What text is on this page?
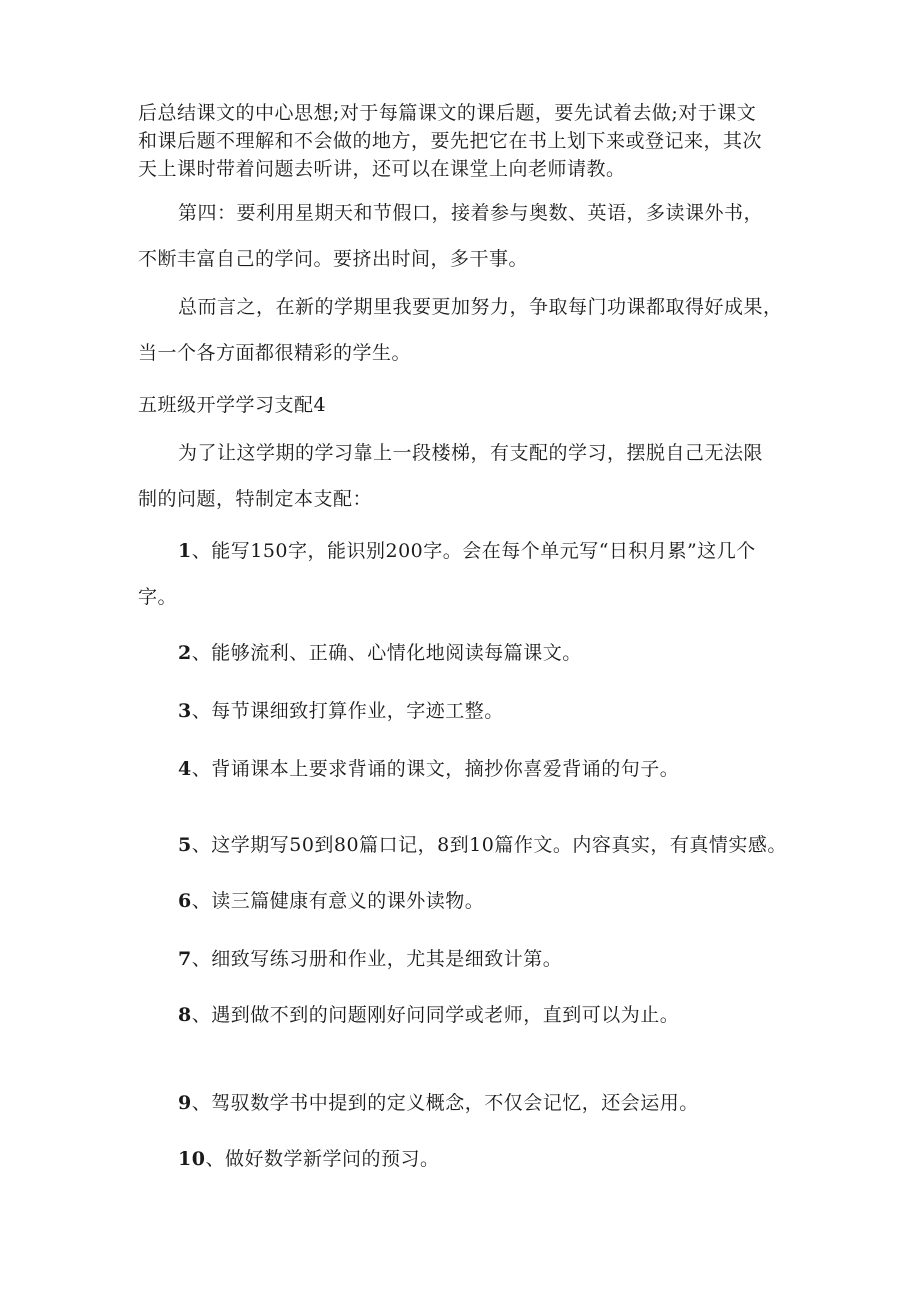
后总结课文的中心思想;对于每篇课文的课后题，要先试着去做;对于课文
和课后题不理解和不会做的地方，要先把它在书上划下来或登记来，其次
天上课时带着问题去听讲，还可以在课堂上向老师请教。
第四：要利用星期天和节假口，接着参与奥数、英语，多读课外书，
不断丰富自己的学问。要挤出时间，多干事。
总而言之，在新的学期里我要更加努力，争取每门功课都取得好成果，
当一个各方面都很精彩的学生。
五班级开学学习支配4
为了让这学期的学习靠上一段楼梯，有支配的学习，摆脱自己无法限
制的问题，特制定本支配：
1、能写150字，能识别200字。会在每个单元写“日积月累”这几个
字。
2、能够流利、正确、心情化地阅读每篇课文。
3、每节课细致打算作业，字迹工整。
4、背诵课本上要求背诵的课文，摘抄你喜爱背诵的句子。
5、这学期写50到80篇口记，8到10篇作文。内容真实，有真情实感。
6、读三篇健康有意义的课外读物。
7、细致写练习册和作业，尤其是细致计第。
8、遇到做不到的问题刚好问同学或老师，直到可以为止。
9、驾驭数学书中提到的定义概念，不仅会记忆，还会运用。
10、做好数学新学问的预习。
